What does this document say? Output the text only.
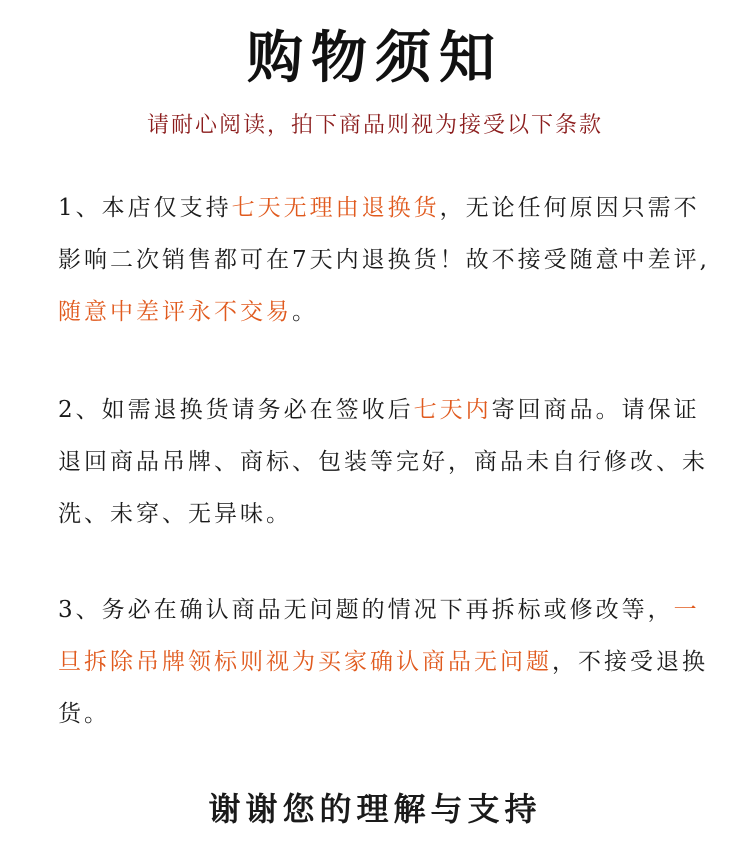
购物须知
请耐心阅读，拍下商品则视为接受以下条款
1、本店仅支持七天无理由退换货，无论任何原因只需不影响二次销售都可在7天内退换货！故不接受随意中差评,随意中差评永不交易。
2、如需退换货请务必在签收后七天内寄回商品。请保证退回商品吊牌、商标、包装等完好，商品未自行修改、未洗、未穿、无异味。
3、务必在确认商品无问题的情况下再拆标或修改等，一旦拆除吊牌领标则视为买家确认商品无问题，不接受退换货。
谢谢您的理解与支持
